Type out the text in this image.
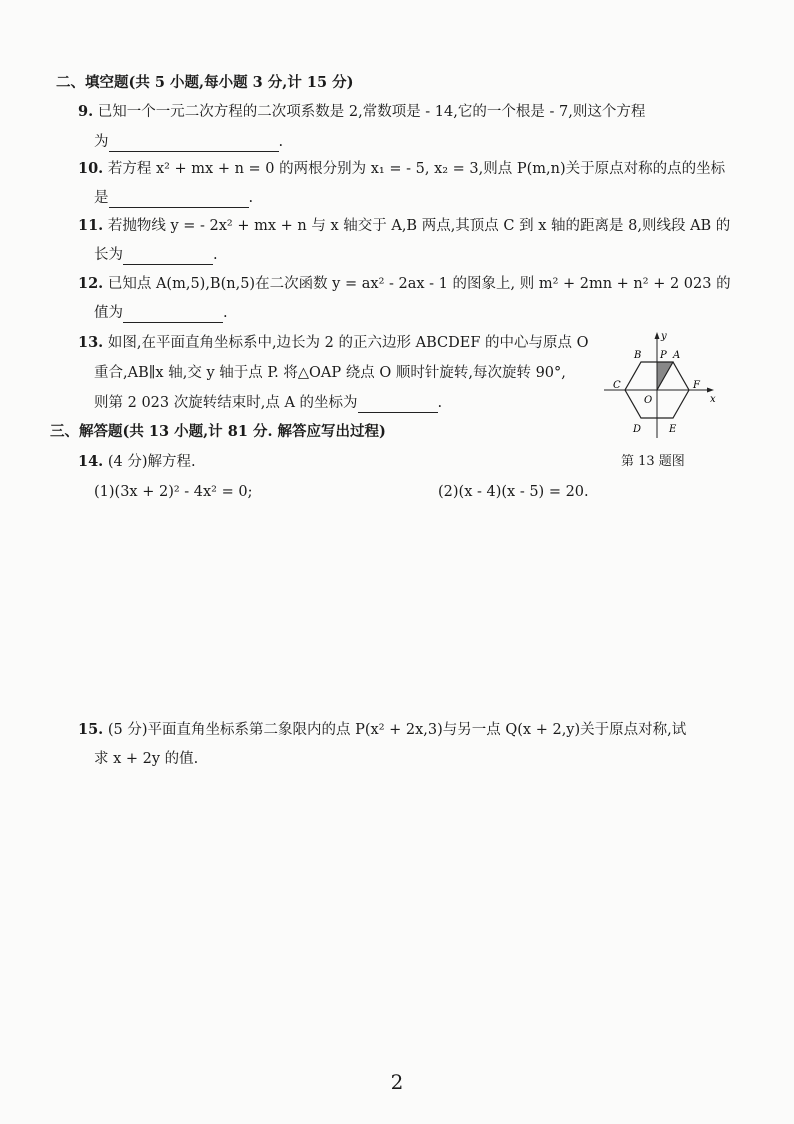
二、填空题(共 5 小题,每小题 3 分,计 15 分)
9. 已知一个一元二次方程的二次项系数是 2,常数项是 - 14,它的一个根是 - 7,则这个方程
为	.
10. 若方程 x² + mx + n = 0 的两根分别为 x₁ = - 5, x₂ = 3,则点 P(m,n)关于原点对称的点的坐标
是	.
11. 若抛物线 y = - 2x² + mx + n 与 x 轴交于 A,B 两点,其顶点 C 到 x 轴的距离是 8,则线段 AB 的
长为	.
12. 已知点 A(m,5),B(n,5)在二次函数 y = ax² - 2ax - 1 的图象上, 则 m² + 2mn + n² + 2 023 的
值为	.
13. 如图,在平面直角坐标系中,边长为 2 的正六边形 ABCDEF 的中心与原点 O
重合,AB∥x 轴,交 y 轴于点 P. 将△OAP 绕点 O 顺时针旋转,每次旋转 90°,
则第 2 023 次旋转结束时,点 A 的坐标为	.
B P A
C	F
O
D	E
x
y
第 13 题图
三、解答题(共 13 小题,计 81 分. 解答应写出过程)
14. (4 分)解方程.
(1)(3x + 2)² - 4x² = 0;	(2)(x - 4)(x - 5) = 20.
15. (5 分)平面直角坐标系第二象限内的点 P(x² + 2x,3)与另一点 Q(x + 2,y)关于原点对称,试
求 x + 2y 的值.
2
